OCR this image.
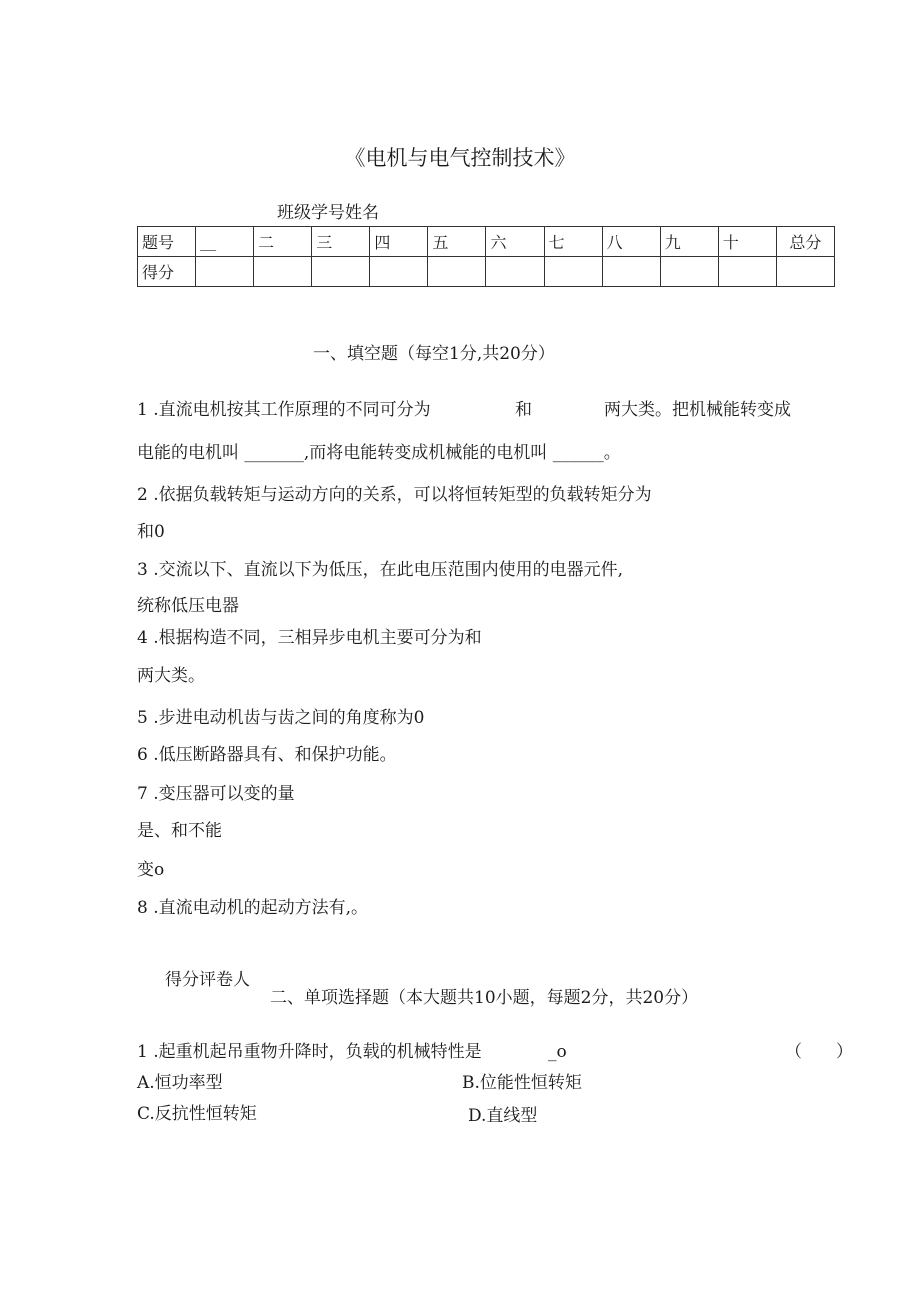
《电机与电气控制技术》
班级学号姓名
题号	__	二	三	四	五	六	七	八	九	十	总分
得分											
一、填空题（每空1分,共20分）
1 .直流电机按其工作原理的不同可分为	和	两大类。把机械能转变成
电能的电机叫 _______,而将电能转变成机械能的电机叫 ______。
2 .依据负载转矩与运动方向的关系，可以将恒转矩型的负载转矩分为
和0
3 .交流以下、直流以下为低压，在此电压范围内使用的电器元件,
统称低压电器
4 .根据构造不同，三相异步电机主要可分为和
两大类。
5 .步进电动机齿与齿之间的角度称为0
6 .低压断路器具有、和保护功能。
7 .变压器可以变的量
是、和不能
变o
8 .直流电动机的起动方法有,。
得分评卷人
二、单项选择题（本大题共10小题，每题2分，共20分）
1 .起重机起吊重物升降时，负载的机械特性是	_o	（　　）
A.恒功率型	B.位能性恒转矩
C.反抗性恒转矩	D.直线型
